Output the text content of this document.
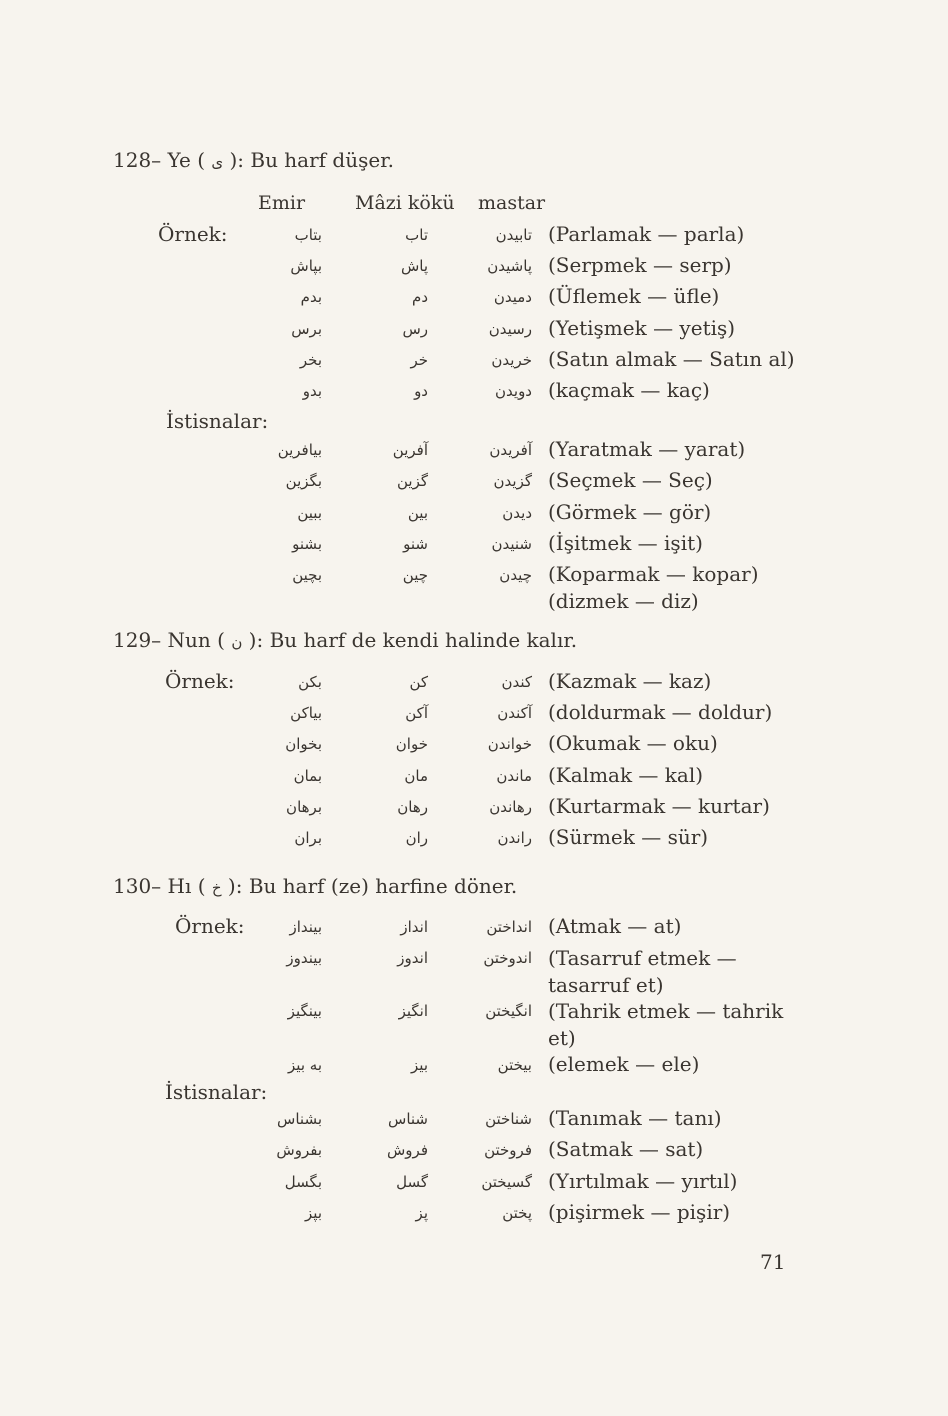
128– Ye ( ی ): Bu harf düşer.
Emir	Mâzi kökü mastar
Örnek:	بتاب	تاب	تابیدن (Parlamak — parla)
بپاش	پاش	پاشیدن (Serpmek — serp)
بدم	دم	دمیدن (Üflemek — üfle)
برس	رس	رسیدن (Yetişmek — yetiş)
بخر	خر	خریدن (Satın almak — Satın al)
بدو	دو	دویدن (kaçmak — kaç)
İstisnalar:
بیافرین	آفرین	آفریدن (Yaratmak — yarat)
بگزین	گزین	گزیدن (Seçmek — Seç)
ببین	بین	دیدن (Görmek — gör)
بشنو	شنو	شنیدن (İşitmek — işit)
بچین	چین	چیدن (Koparmak — kopar)
(dizmek — diz)
129– Nun ( ن ): Bu harf de kendi halinde kalır.
Örnek:	بکن	کن	کندن (Kazmak — kaz)
بیاکن	آکن	آکندن (doldurmak — doldur)
بخوان	خوان	خواندن (Okumak — oku)
بمان	مان	ماندن (Kalmak — kal)
برهان	رهان	رهاندن (Kurtarmak — kurtar)
بران	ران	راندن (Sürmek — sür)
130– Hı ( خ ): Bu harf (ze) harfine döner.
Örnek:	بینداز	انداز	انداختن (Atmak — at)
بیندوز	اندوز	اندوختن (Tasarruf etmek — tasarruf et)
بینگیز	انگیز	انگیختن (Tahrik etmek — tahrik et)
به بیز	بیز	بیختن (elemek — ele)
İstisnalar:
بشناس	شناس	شناختن (Tanımak — tanı)
بفروش	فروش	فروختن (Satmak — sat)
بگسل	گسل	گسیختن (Yırtılmak — yırtıl)
بپز	پز	پختن (pişirmek — pişir)
71
